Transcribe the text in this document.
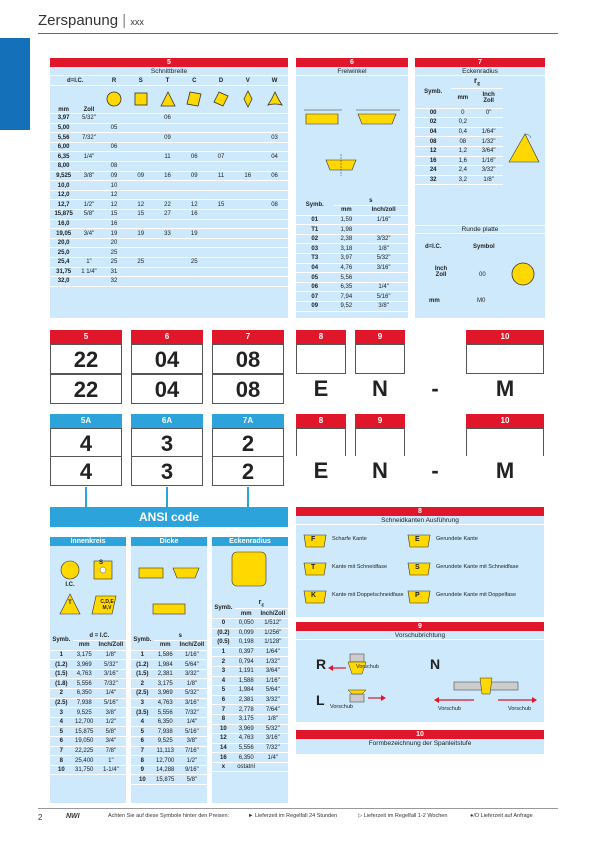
Zerspanung | xxx
5
Schnittbreite
d=I.C.		R	S	T	C	D	V	W
mm	Zoll							
3,97	5/32"			06				
5,00		05						
5,56	7/32"			09				03
6,00		06						
6,35	1/4"			11	06	07		04
8,00		08						
9,525	3/8"	09	09	16	09	11	16	06
10,0		10						
12,0		12						
12,7	1/2"	12	12	22	12	15		08
15,875	5/8"	15	15	27	16			
16,0		16						
19,05	3/4"	19	19	33	19			
20,0		20						
25,0		25						
25,4	1"	25	25		25			
31,75	1 1/4"	31						
32,0		32						
6
Freiwinkel
Symb.	s	
	mm	Inch/zoll
01	1,59	1/16"
T1	1,98	
02	2,38	3/32"
03	3,18	1/8"
T3	3,97	5/32"
04	4,76	3/16"
05	5,56	
06	6,35	1/4"
07	7,94	5/16"
09	9,52	3/8"
7
Eckenradius
Symb.	$r_\varepsilon$
	mm	Inch
Zoll
00	0	0"
02	0,2	
04	0,4	1/64"
08	08	1/32"
12	1,2	3/64"
16	1,6	1/16"
24	2,4	3/32"
32	3,2	1/8"
Runde platte
d=I.C.	Symbol
Inch Zoll	00
mm	M0
5	6	7	8	9	10
22	04	08
22	04	08	E	N	-	M
5A	6A	7A	8	9	10
4	3	2
4	3	2	E	N	-	M
ANSI code
Innenkreis
I.C.
S
T	C,D,E M,V
Symb.	d = I.C.	
	mm	Inch/Zoll
1	3,175	1/8"
(1.2)	3,969	5/32"
(1.5)	4,763	3/16"
(1.8)	5,556	7/32"
2	6,350	1/4"
(2.5)	7,938	5/16"
3	9,525	3/8"
4	12,700	1/2"
5	15,875	5/8"
6	19,050	3/4"
7	22,225	7/8"
8	25,400	1"
10	31,750	1-1/4"
Dicke
Symb.	s	
	mm	Inch/Zoll
1	1,586	1/16"
(1.2)	1,984	5/64"
(1.5)	2,381	3/32"
2	3,175	1/8"
(2.5)	3,969	5/32"
3	4,763	3/16"
(3.5)	5,556	7/32"
4	6,350	1/4"
5	7,938	5/16"
6	9,525	3/8"
7	11,113	7/16"
8	12,700	1/2"
9	14,288	9/16"
10	15,875	5/8"
Eckenradius
Symb.	$r_\varepsilon$
	mm	Inch/Zoll
0	0,050	1/512"
(0.2)	0,099	1/256"
(0.5)	0,198	1/128"
1	0,397	1/64"
2	0,794	1/32"
3	1,191	3/64"
4	1,588	1/16"
5	1,984	5/64"
6	2,381	3/32"
7	2,778	7/64"
8	3,175	1/8"
10	3,969	5/32"
12	4,763	3/16"
14	5,556	7/32"
16	6,350	1/4"
x	ostatní	
8
Schneidkanten Ausführung
F	Scharfe Kante	E	Gerundete Kante
T	Kante mit Schneidfase	S	Gerundete Kante mit Schneidfase
K	Kante mit Doppelschneidfase	P	Gerundete Kante mit Doppelfase
9
Vorschubrichtung
R	N
L
Vorschub
Vorschub	Vorschub	Vorschub
10
Formbezeichnung der Spanleitstufe
2	NWI	Achten Sie auf diese Symbole hinter den Preisen:	► Lieferzeit im Regelfall 24 Stunden	▷ Lieferzeit im Regelfall 1-2 Wochen	●/O Lieferzeit auf Anfrage
